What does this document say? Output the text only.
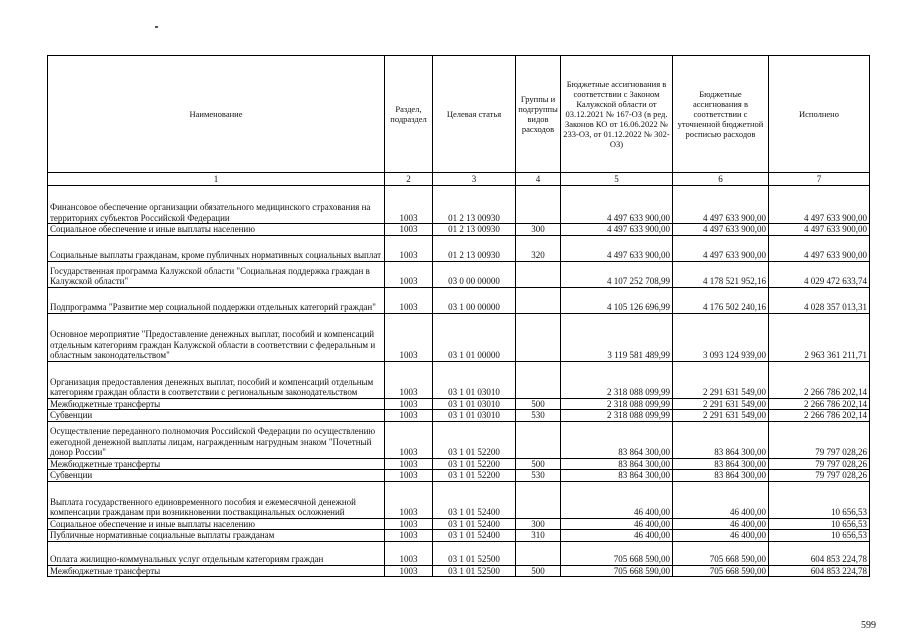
Наименование	Раздел, подраздел	Целевая статья	Группы и подгруппы видов расходов	Бюджетные ассигнования в соответствии с Законом Калужской области от 03.12.2021 № 167-ОЗ (в ред. Законов КО от 16.06.2022 № 233-ОЗ, от 01.12.2022 № 302-ОЗ)	Бюджетные ассигнования в соответствии с уточненной бюджетной росписью расходов	Исполнено
1	2	3	4	5	6	7
Финансовое обеспечение организации обязательного медицинского страхования на территориях субъектов Российской Федерации	1003	01 2 13 00930		4 497 633 900,00	4 497 633 900,00	4 497 633 900,00
Социальное обеспечение и иные выплаты населению	1003	01 2 13 00930	300	4 497 633 900,00	4 497 633 900,00	4 497 633 900,00
Социальные выплаты гражданам, кроме публичных нормативных социальных выплат	1003	01 2 13 00930	320	4 497 633 900,00	4 497 633 900,00	4 497 633 900,00
Государственная программа Калужской области "Социальная поддержка граждан в Калужской области"	1003	03 0 00 00000		4 107 252 708,99	4 178 521 952,16	4 029 472 633,74
Подпрограмма "Развитие мер социальной поддержки отдельных категорий граждан"	1003	03 1 00 00000		4 105 126 696,99	4 176 502 240,16	4 028 357 013,31
Основное мероприятие "Предоставление денежных выплат, пособий и компенсаций отдельным категориям граждан Калужской области в соответствии с федеральным и областным законодательством"	1003	03 1 01 00000		3 119 581 489,99	3 093 124 939,00	2 963 361 211,71
Организация предоставления денежных выплат, пособий и компенсаций отдельным категориям граждан области в соответствии с региональным законодательством	1003	03 1 01 03010		2 318 088 099,99	2 291 631 549,00	2 266 786 202,14
Межбюджетные трансферты	1003	03 1 01 03010	500	2 318 088 099,99	2 291 631 549,00	2 266 786 202,14
Субвенции	1003	03 1 01 03010	530	2 318 088 099,99	2 291 631 549,00	2 266 786 202,14
Осуществление переданного полномочия Российской Федерации по осуществлению ежегодной денежной выплаты лицам, награжденным нагрудным знаком "Почетный донор России"	1003	03 1 01 52200		83 864 300,00	83 864 300,00	79 797 028,26
Межбюджетные трансферты	1003	03 1 01 52200	500	83 864 300,00	83 864 300,00	79 797 028,26
Субвенции	1003	03 1 01 52200	530	83 864 300,00	83 864 300,00	79 797 028,26
Выплата государственного единовременного пособия и ежемесячной денежной компенсации гражданам при возникновении поствакцинальных осложнений	1003	03 1 01 52400		46 400,00	46 400,00	10 656,53
Социальное обеспечение и иные выплаты населению	1003	03 1 01 52400	300	46 400,00	46 400,00	10 656,53
Публичные нормативные социальные выплаты гражданам	1003	03 1 01 52400	310	46 400,00	46 400,00	10 656,53
Оплата жилищно-коммунальных услуг отдельным категориям граждан	1003	03 1 01 52500		705 668 590,00	705 668 590,00	604 853 224,78
Межбюджетные трансферты	1003	03 1 01 52500	500	705 668 590,00	705 668 590,00	604 853 224,78
599
